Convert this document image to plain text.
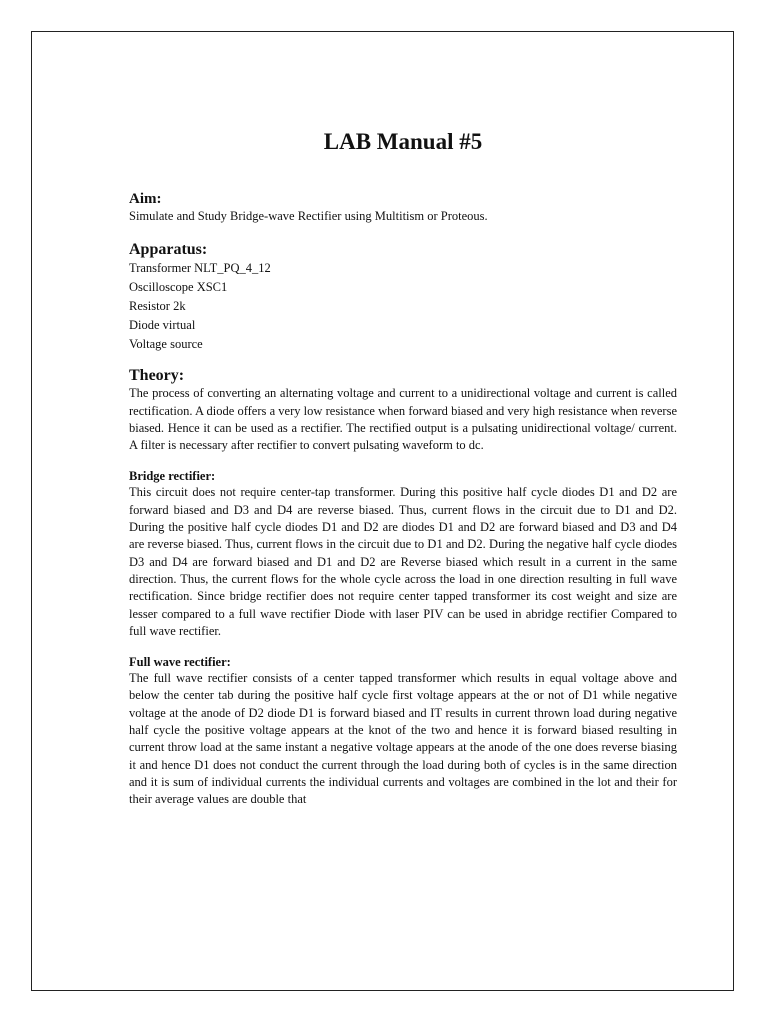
LAB Manual #5
Aim:

Simulate and Study Bridge-wave Rectifier using Multitism or Proteous.

Apparatus:
Transformer NLT_PQ_4_12
Oscilloscope XSC1
Resistor 2k
Diode virtual
Voltage source
Theory:

The process of converting an alternating voltage and current to a unidirectional voltage and current is called rectification. A diode offers a very low resistance when forward biased and very high resistance when reverse biased. Hence it can be used as a rectifier. The rectified output is a pulsating unidirectional voltage/ current. A filter is necessary after rectifier to convert pulsating waveform to dc.

Bridge rectifier:

This circuit does not require center-tap transformer. During this positive half cycle diodes D1 and D2 are forward biased and D3 and D4 are reverse biased. Thus, current flows in the circuit due to D1 and D2. During the positive half cycle diodes D1 and D2 are diodes D1 and D2 are forward biased and D3 and D4 are reverse biased. Thus, current flows in the circuit due to D1 and D2. During the negative half cycle diodes D3 and D4 are forward biased and D1 and D2 are Reverse biased which result in a current in the same direction. Thus, the current flows for the whole cycle across the load in one direction resulting in full wave rectification. Since bridge rectifier does not require center tapped transformer its cost weight and size are lesser compared to a full wave rectifier Diode with laser PIV can be used in abridge rectifier Compared to full wave rectifier.

Full wave rectifier:

The full wave rectifier consists of a center tapped transformer which results in equal voltage above and below the center tab during the positive half cycle first voltage appears at the or not of D1 while negative voltage at the anode of D2 diode D1 is forward biased and IT results in current thrown load during negative half cycle the positive voltage appears at the knot of the two and hence it is forward biased resulting in current throw load at the same instant a negative voltage appears at the anode of the one does reverse biasing it and hence D1 does not conduct the current through the load during both of cycles is in the same direction and it is sum of individual currents the individual currents and voltages are combined in the lot and their for their average values are double that
